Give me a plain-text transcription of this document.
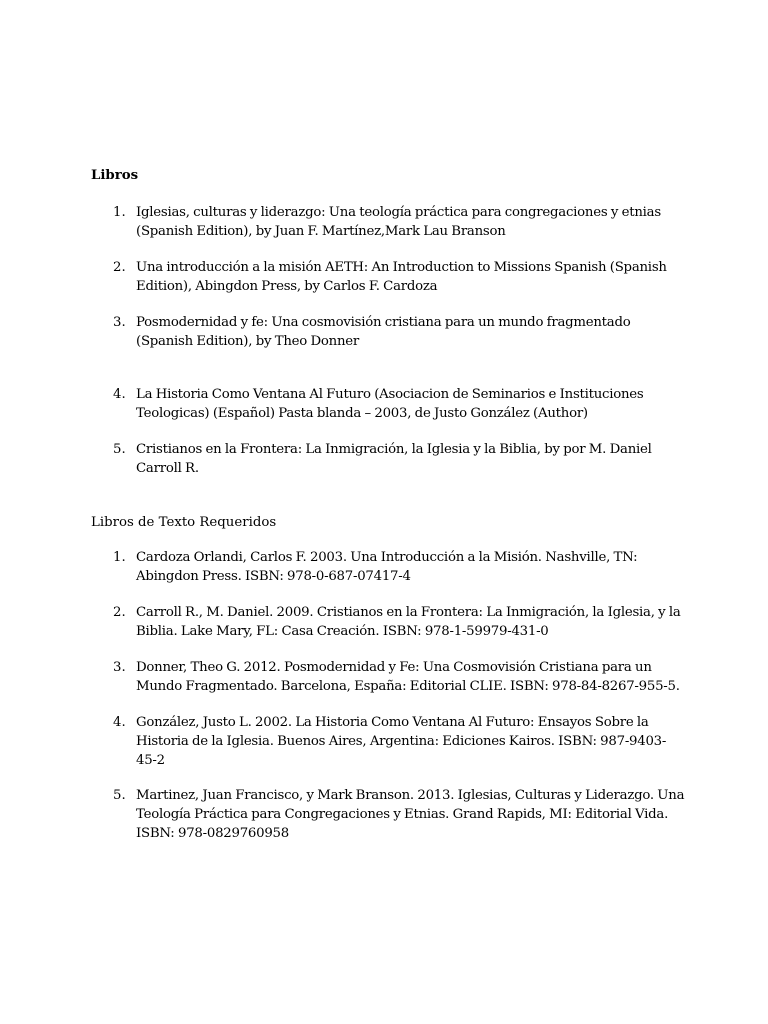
Libros
1. Iglesias, culturas y liderazgo: Una teología práctica para congregaciones y etnias (Spanish Edition), by Juan F. Martínez,Mark Lau Branson
2. Una introducción a la misión AETH: An Introduction to Missions Spanish (Spanish Edition), Abingdon Press, by Carlos F. Cardoza
3. Posmodernidad y fe: Una cosmovisión cristiana para un mundo fragmentado (Spanish Edition), by Theo Donner
4. La Historia Como Ventana Al Futuro (Asociacion de Seminarios e Instituciones Teologicas) (Español) Pasta blanda – 2003, de Justo González (Author)
5. Cristianos en la Frontera: La Inmigración, la Iglesia y la Biblia, by por M. Daniel Carroll R.
Libros de Texto Requeridos
1. Cardoza Orlandi, Carlos F. 2003. Una Introducción a la Misión. Nashville, TN: Abingdon Press. ISBN: 978-0-687-07417-4
2. Carroll R., M. Daniel. 2009. Cristianos en la Frontera: La Inmigración, la Iglesia, y la Biblia. Lake Mary, FL: Casa Creación. ISBN: 978-1-59979-431-0
3. Donner, Theo G. 2012. Posmodernidad y Fe: Una Cosmovisión Cristiana para un Mundo Fragmentado. Barcelona, España: Editorial CLIE. ISBN: 978-84-8267-955-5.
4. González, Justo L. 2002. La Historia Como Ventana Al Futuro: Ensayos Sobre la Historia de la Iglesia. Buenos Aires, Argentina: Ediciones Kairos. ISBN: 987-9403-45-2
5. Martinez, Juan Francisco, y Mark Branson. 2013. Iglesias, Culturas y Liderazgo. Una Teología Práctica para Congregaciones y Etnias. Grand Rapids, MI: Editorial Vida. ISBN: 978-0829760958
